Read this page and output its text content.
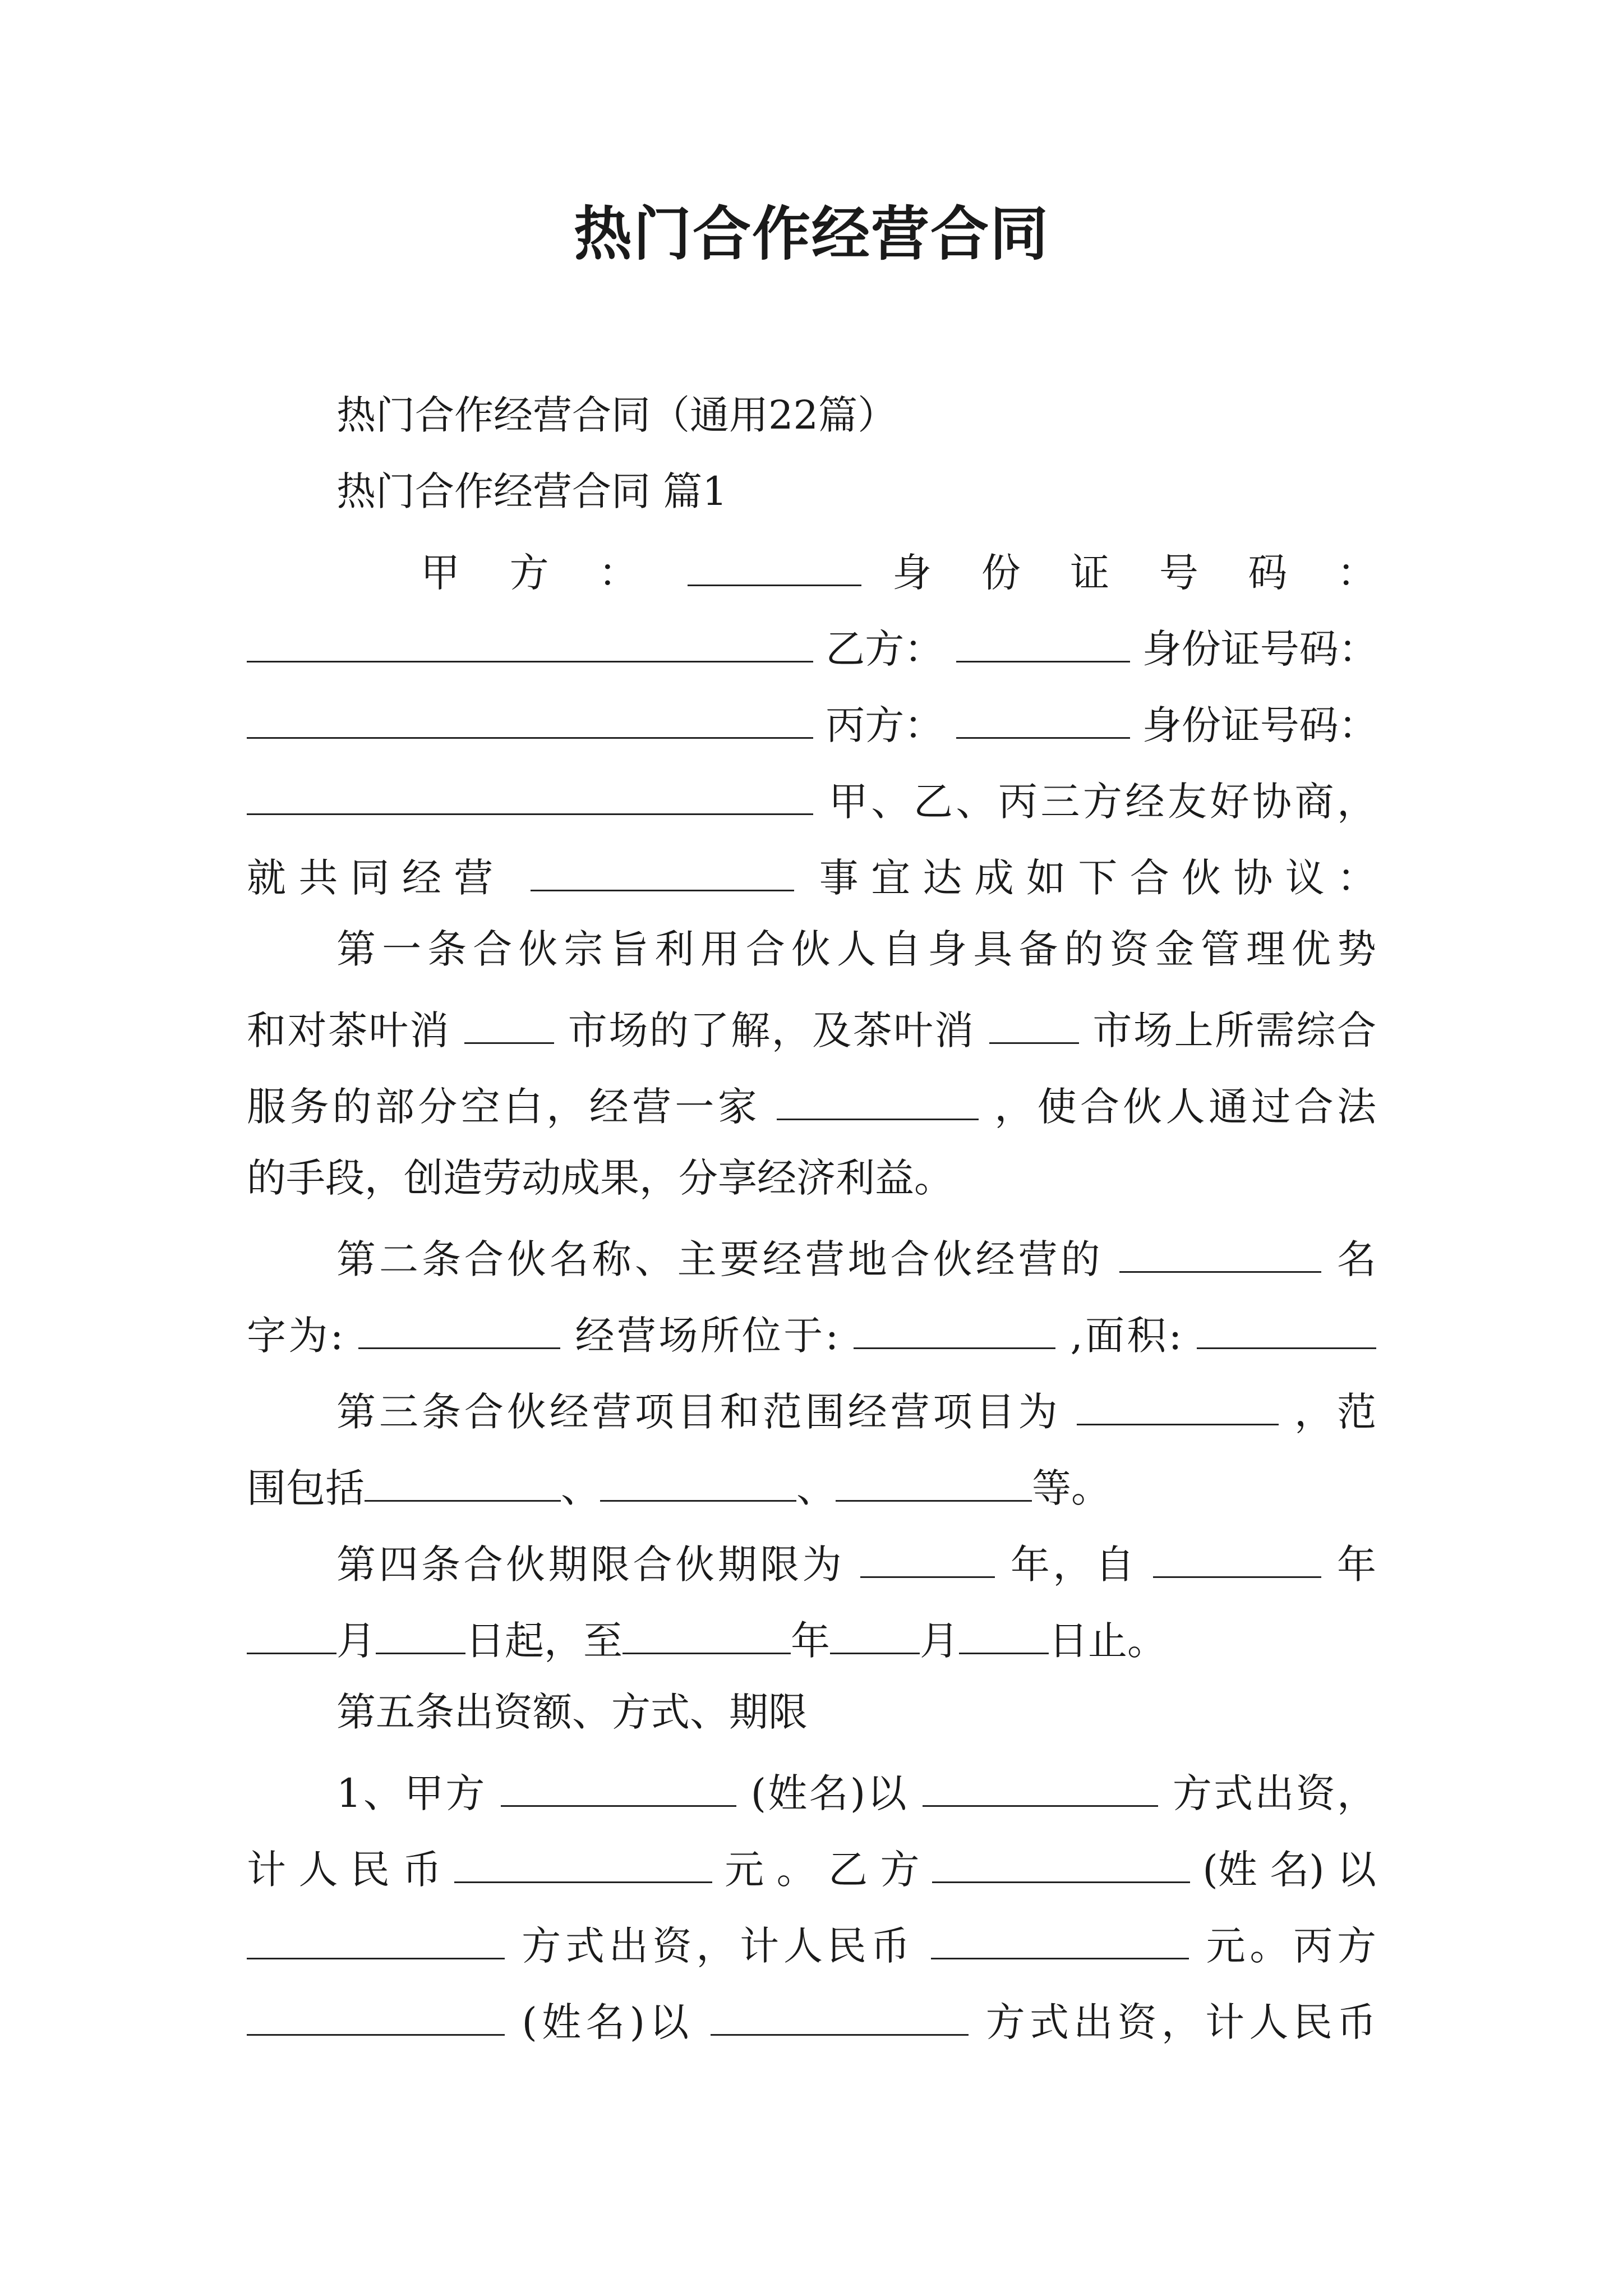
热门合作经营合同
热门合作经营合同（通用22篇）
热门合作经营合同 篇1
甲 方 ：	身 份 证 号 码 ：
乙方：	身份证号码：
丙方：	身份证号码：
甲、乙、丙三方经友好协商，
就共同经营	事宜达成如下合伙协议：
第一条合伙宗旨利用合伙人自身具备的资金管理优势
和对茶叶消	市场的了解，及茶叶消	市场上所需综合
服务的部分空白，经营一家	，使合伙人通过合法
的手段，创造劳动成果，分享经济利益。
第二条合伙名称、主要经营地合伙经营的	名
字为:	经营场所位于:	,面积:
第三条合伙经营项目和范围经营项目为	，范
围包括	、	、	等。
第四条合伙期限合伙期限为	年，自	年
月 日起，至	年 月 日止。
第五条出资额、方式、期限
1、甲方	(姓名)以	方式出资，
计 人 民 币	元 。 乙 方	(姓 名) 以
方式出资，计人民币	元。丙方
(姓名)以	方式出资，计人民币
